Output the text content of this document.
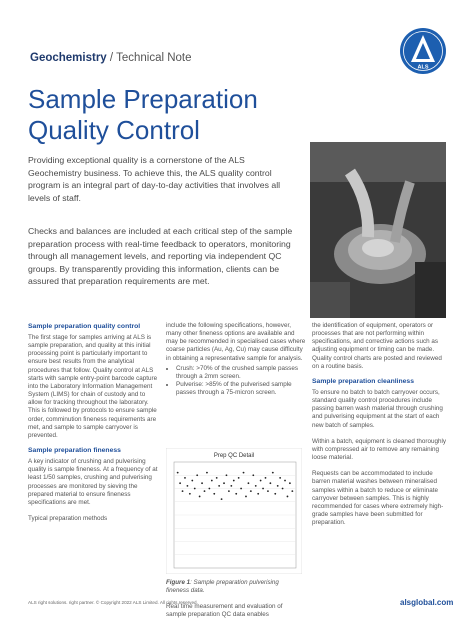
Geochemistry / Technical Note
ALS
Sample Preparation
Quality Control
Providing exceptional quality is a cornerstone of the ALS Geochemistry business. To achieve this, the ALS quality control program is an integral part of day-to-day activities that involves all levels of staff.
Checks and balances are included at each critical step of the sample preparation process with real-time feedback to operators, monitoring through all management levels, and reporting via independent QC groups. By transparently providing this information, clients can be assured that preparation requirements are met.
Sample preparation quality control

The first stage for samples arriving at ALS is sample preparation, and quality at this initial processing point is particularly important to ensure best results from the analytical procedures that follow. Quality control at ALS starts with sample entry-point barcode capture into the Laboratory Information Management System (LIMS) for chain of custody and to allow for tracking throughout the laboratory. This is followed by protocols to ensure sample order, comminution fineness requirements are met, and sample to sample carryover is prevented.

Sample preparation fineness

A key indicator of crushing and pulverising quality is sample fineness. At a frequency of at least 1/50 samples, crushing and pulverising processes are monitored by sieving the prepared material to ensure fineness specifications are met.

Typical preparation methods

include the following specifications, however, many other fineness options are available and may be recommended in specialised cases where coarse particles (Au, Ag, Cu) may cause difficulty in obtaining a representative sample for analysis.

• Crush: >70% of the crushed sample passes through a 2mm screen.
• Pulverise: >85% of the pulverised sample passes through a 75-micron screen.
Prep QC Detail
Figure 1: Sample preparation pulverising fineness data.
Real time measurement and evaluation of sample preparation QC data enables

the identification of equipment, operators or processes that are not performing within specifications, and corrective actions such as adjusting equipment or timing can be made. Quality control charts are posted and reviewed on a routine basis.

Sample preparation cleanliness

To ensure no batch to batch carryover occurs, standard quality control procedures include passing barren wash material through crushing and pulverising equipment at the start of each new batch of samples.

Within a batch, equipment is cleaned thoroughly with compressed air to remove any remaining loose material.

Requests can be accommodated to include barren material washes between mineralised samples within a batch to reduce or eliminate carryover between samples. This is highly recommended for cases where extremely high-grade samples have been submitted for preparation.

ALS right solutions. right partner. © Copyright 2022 ALS Limited. All rights reserved.	alsglobal.com
